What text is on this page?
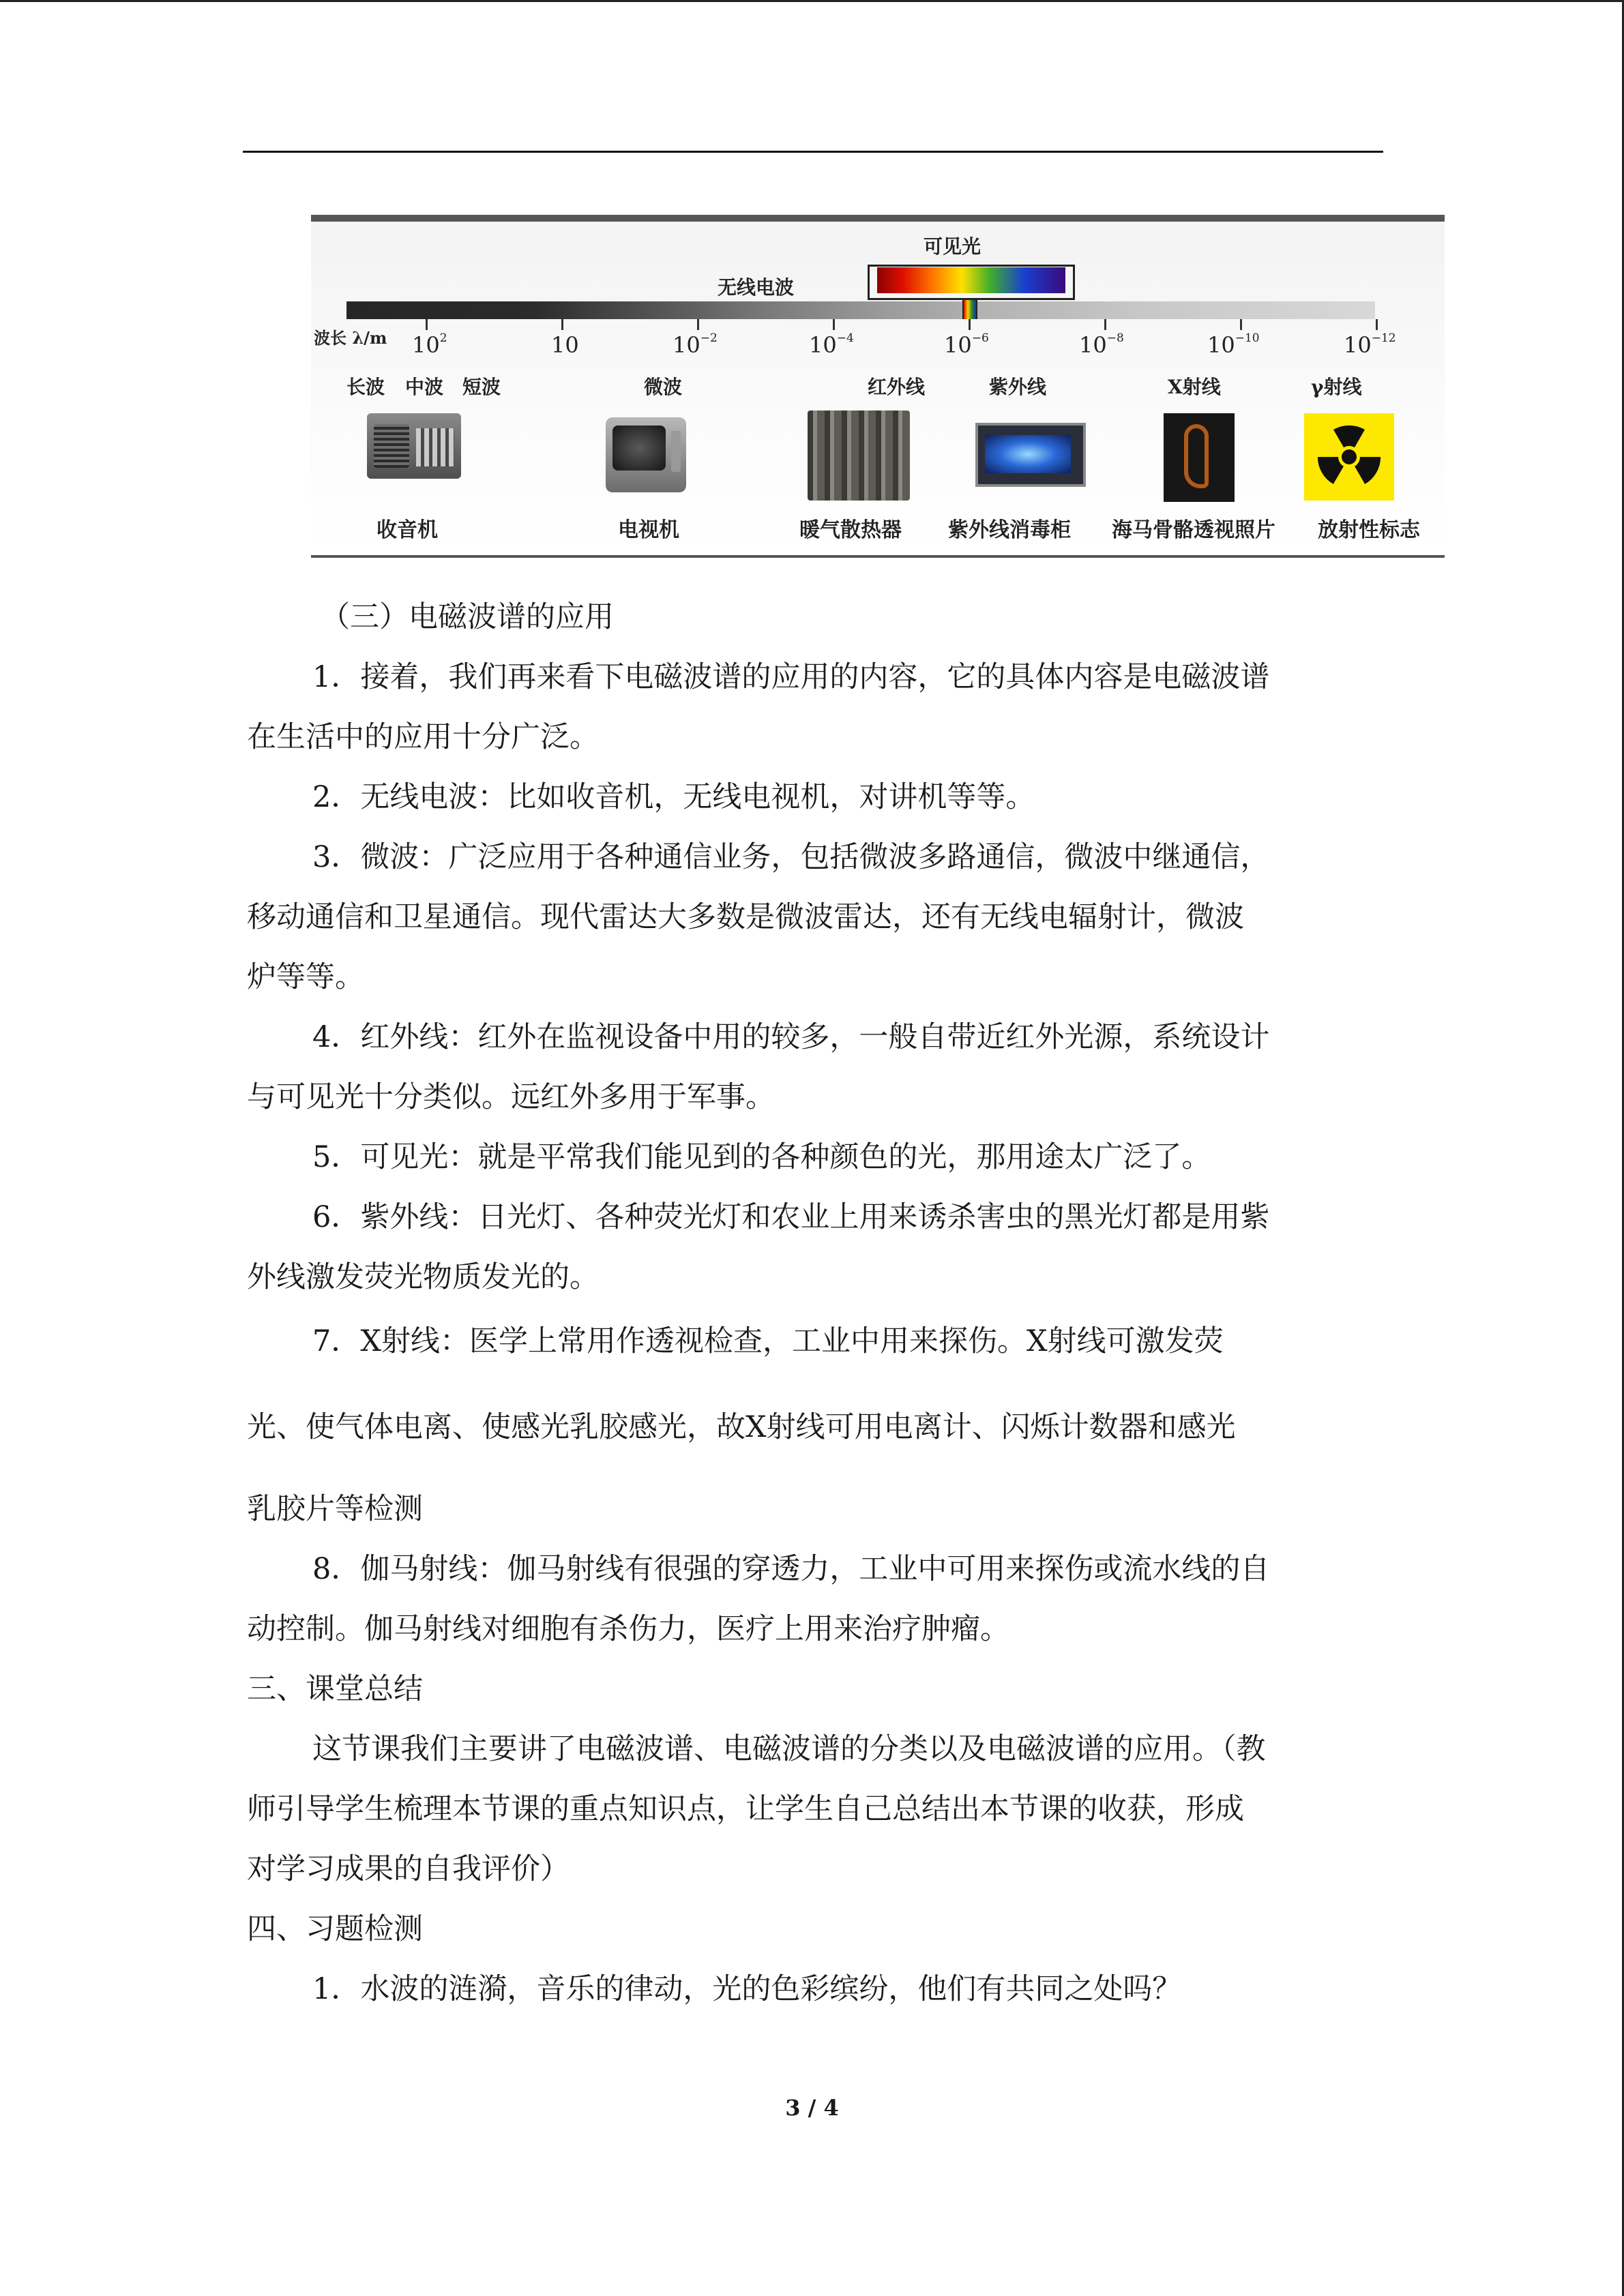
可见光
无线电波
波长 λ/m $10^2$	10	$10^{-2}$	$10^{-4}$	$10^{-6}$	$10^{-8}$	$10^{-10}$	$10^{-12}$
长波 中波 短波	微波	红外线	紫外线	X射线	γ射线
收音机	电视机	暖气散热器 紫外线消毒柜 海马骨骼透视照片 放射性标志
（三）电磁波谱的应用
1．接着，我们再来看下电磁波谱的应用的内容，它的具体内容是电磁波谱
在生活中的应用十分广泛。
2．无线电波：比如收音机，无线电视机，对讲机等等。
3．微波：广泛应用于各种通信业务，包括微波多路通信，微波中继通信，
移动通信和卫星通信。现代雷达大多数是微波雷达，还有无线电辐射计，微波
炉等等。
4．红外线：红外在监视设备中用的较多，一般自带近红外光源，系统设计
与可见光十分类似。远红外多用于军事。
5．可见光：就是平常我们能见到的各种颜色的光，那用途太广泛了。
6．紫外线：日光灯、各种荧光灯和农业上用来诱杀害虫的黑光灯都是用紫
外线激发荧光物质发光的。
7．X射线：医学上常用作透视检查，工业中用来探伤。X射线可激发荧
光、使气体电离、使感光乳胶感光，故X射线可用电离计、闪烁计数器和感光
乳胶片等检测
8．伽马射线：伽马射线有很强的穿透力，工业中可用来探伤或流水线的自
动控制。伽马射线对细胞有杀伤力，医疗上用来治疗肿瘤。
三、课堂总结
这节课我们主要讲了电磁波谱、电磁波谱的分类以及电磁波谱的应用。（教
师引导学生梳理本节课的重点知识点，让学生自己总结出本节课的收获，形成
对学习成果的自我评价）
四、习题检测
1．水波的涟漪，音乐的律动，光的色彩缤纷，他们有共同之处吗？
3 / 4
